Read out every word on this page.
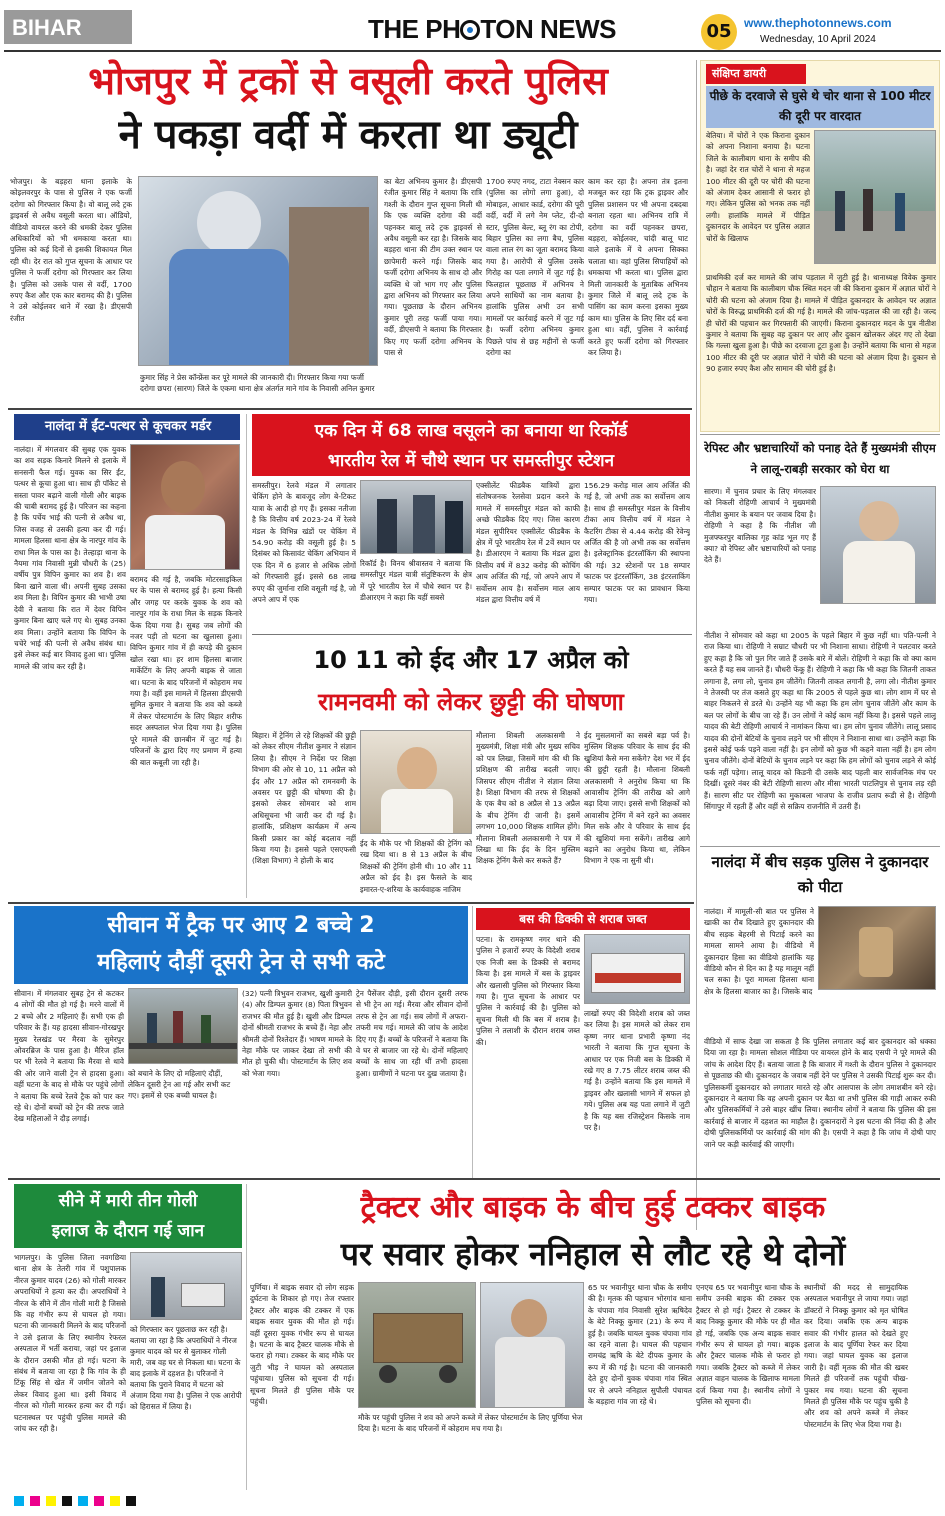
BIHAR	THE PH TON NEWS	05	www.thephotonnews.com
Wednesday, 10 April 2024
भोजपुर में ट्रकों से वसूली करते पुलिस
ने पकड़ा वर्दी में करता था ड्यूटी
भोजपुर। के बड़हरा थाना इलाके के कोइलवरपुर के पास से पुलिस ने एक फर्जी दरोगा को गिरफ्तार किया है। वो बालू लदे ट्रक ड्राइवर्स से अवैध वसूली करता था। ऑडियो, वीडियो वायरल करने की धमकी देकर पुलिस अधिकारियों को भी धमकाया करता था। पुलिस को कई दिनों से इसकी शिकायत मिल रही थी। देर रात को गुप्त सूचना के आधार पर पुलिस ने फर्जी दरोगा को गिरफ्तार कर लिया है। पुलिस को उसके पास से वर्दी, 1700 रुपए कैश और एक कार बरामद की है। पुलिस ने उसे कोईलवर थाने में रखा है। डीएसपी रंजीत
कुमार सिंह ने प्रेस कॉन्फ्रेंस कर पूरे मामले की जानकारी दी। गिरफ्तार किया गया फर्जी दरोगा छपरा (सारण) जिले के एकमा थाना क्षेत्र अंतर्गत माने गांव के निवासी अनिल कुमार
का बेटा अभिनय कुमार है। डीएसपी रंजीत कुमार सिंह ने बताया कि रात्रि गश्ती के दौरान गुप्त सूचना मिली थी कि एक व्यक्ति दरोगा की वर्दी पहनकर बालू लदे ट्रक ड्राइवर्स से अवैध वसूली कर रहा है। जिसके बाद बड़हरा थाना की टीम उक्त स्थान पर छापेमारी करने गई। जिसके बाद फर्जी दरोगा अभिनय के साथ दो और व्यक्ति थे जो भाग गए और पुलिस द्वारा अभिनय को गिरफ्तार कर लिया गया। पूछताछ के दौरान अभिनय कुमार पूरी तरह फर्जी पाया गया। वर्दी, डीएसपी ने बताया कि गिरफ्तार किए गए फर्जी दरोगा अभिनय के पास से
1700 रुपए नगद, टाटा नेक्सन कार (पुलिस का लोगो लगा हुआ), दो मोबाइल, आधार कार्ड, दरोगा की पूरी वर्दी, वर्दी में लगे नेम प्लेट, दी-दो स्टार, पुलिस बेल्ट, ब्लू रंग का टोपी, बिहार पुलिस का लगा बैच, पुलिस वाला लाल रंग का जूता बरामद किया गया है। आरोपी से पुलिस उसके गिरोह का पता लगाने में जुट गई है। फिलहाल पूछताछ में अभिनय ने अपने साथियों का नाम बताया है। हालांकि पुलिस अभी उन सभी मामलों पर कार्रवाई करने में जुट गई है। फर्जी दरोगा अभिनय कुमार पिछले पांच से छह महीनों से फर्जी दरोगा का
काम कर रहा है। अपना तंत्र इतना मजबूत कर रहा कि ट्रक ड्राइवर और पुलिस प्रशासन पर भी अपना दबदबा बनाता रहता था। अभिनय रात्रि में दरोगा का वर्दी पहनकर छपरा, बड़हरा, कोईलवर, चांदी बालू घाट वाले इलाके में ये अपना सिक्का चलाता था। वहां पुलिस सिपाहियों को धमकाया भी करता था। पुलिस द्वारा मिली जानकारी के मुताबिक अभिनय कुमार जिले में बालू लदे ट्रक के पासिंग का काम करना इसका मुख्य काम था। पुलिस के लिए सिर दर्द बना हुआ था। वहीं, पुलिस ने कार्रवाई करते हुए फर्जी दरोगा को गिरफ्तार कर लिया है।
संक्षिप्त डायरी
पीछे के दरवाजे से घुसे थे चोर थाना से 100 मीटर की दूरी पर वारदात
बेतिया। में चोरों ने एक किराना दुकान को अपना निशाना बनाया है। घटना जिले के कालीबाग थाना के समीप की है। जहां देर रात चोरों ने थाना से महज 100 मीटर की दूरी पर चोरी की घटना को अंजाम देकर आसानी से फरार हो गए। लेकिन पुलिस को भनक तक नहीं लगी। हालांकि मामले में पीड़ित दुकानदार के आवेदन पर पुलिस अज्ञात चोरों के खिलाफ
प्राथमिकी दर्ज कर मामले की जांच पड़ताल में जुटी हुई है। थानाध्यक्ष विवेक कुमार चौहान ने बताया कि कालीबाग चौक स्थित मदन जी की किराना दुकान में अज्ञात चोरों ने चोरी की घटना को अंजाम दिया है। मामले में पीड़ित दुकानदार के आवेदन पर अज्ञात चोरों के विरुद्ध प्राथमिकी दर्ज की गई है। मामले की जांच-पड़ताल की जा रही है। जल्द ही चोरों की पहचान कर गिरफ्तारी की जाएगी। किराना दुकानदार मदन के पुत्र नीतीश कुमार ने बताया कि सुबह वह दुकान पर आए और दुकान खोलकर अंदर गए तो देखा कि गल्ला खुला हुआ है। पीछे का दरवाजा टूटा हुआ है। उन्होंने बताया कि थाना से महज 100 मीटर की दूरी पर अज्ञात चोरों ने चोरी की घटना को अंजाम दिया है। दुकान से 90 हजार रुपए कैश और सामान की चोरी हुई है।
रेपिस्ट और भ्रष्टाचारियों को पनाह देते हैं मुख्यमंत्री सीएम ने लालू-राबड़ी सरकार को घेरा था
सारण। में चुनाव प्रचार के लिए मंगलवार को निकली रोहिणी आचार्य ने मुख्यमंत्री नीतीश कुमार के बयान पर जवाब दिया है। रोहिणी ने कहा है कि नीतीश जी मुजफ्फरपुर बालिका गृह कांड भूल गए हैं क्या? वो रेपिस्ट और भ्रष्टाचारियों को पनाह देते हैं।
नीतीश ने सोमवार को कहा था 2005 के पहले बिहार में कुछ नहीं था। पति-पत्नी ने राज किया था। रोहिणी ने सम्राट चौधरी पर भी निशाना साधा। रोहिणी ने पलटवार करते हुए कहा है कि जो पुल गिर जाते हैं उसके बारे में बोलें। रोहिणी ने कहा कि वो क्या काम करते हैं यह सब जानते हैं। चौधरी फेंकू हैं। रोहिणी ने कहा कि भी कहा कि जितनी ताकत लगाना है, लगा लो, चुनाव हम जीतेंगे। जितनी ताकत लगानी है, लगा लो। नीतीश कुमार ने तेजस्वी पर तंज कसते हुए कहा था कि 2005 से पहले कुछ था। लोग शाम में घर से बाहर निकलने से डरते थे। उन्होंने यह भी कहा कि हम लोग चुनाव जीतेंगे और काम के बल पर लोगों के बीच जा रहे हैं। उन लोगों ने कोई काम नहीं किया है। इससे पहले लालू यादव की बेटी रोहिणी आचार्य ने नामांकन किया था। हम लोग चुनाव जीतेंगे। लालू प्रसाद यादव की दोनों बेटियों के चुनाव लड़ने पर भी सीएम ने निशाना साधा था। उन्होंने कहा कि इससे कोई फर्क पड़ने वाला नहीं है। इन लोगों को कुछ भी कहने वाला नहीं है। हम लोग चुनाव जीतेंगे। दोनों बेटियों के चुनाव लड़ने पर कहा कि हम लोगों को चुनाव लड़ने से कोई फर्क नहीं पड़ेगा। लालू यादव को किडनी दी उसके बाद पहली बार सार्वजनिक मंच पर दिखीं। दूसरे नंबर की बेटी रोहिणी सारण और मीसा भारती पाटलिपुत्र से चुनाव लड़ रही हैं। सारण सीट पर रोहिणी का मुकाबला भाजपा के राजीव प्रताप रूडी से है। रोहिणी सिंगापुर में रहती हैं और वहीं से सक्रिय राजनीति में उतरी हैं।
नालंदा में बीच सड़क पुलिस ने दुकानदार को पीटा
नालंदा। में मामूली-सी बात पर पुलिस ने खाकी का रौब दिखाते हुए दुकानदार की बीच सड़क बेहरमी से पिटाई करने का मामला सामने आया है। वीडियो में दुकानदार हिसा का वीडियो हालांकि यह वीडियो कौन से दिन का है यह मालूम नहीं चल सका है। पूरा मामला हिलसा थाना क्षेत्र के हिलसा बाजार का है। जिसके बाद
वीडियो में साफ देखा जा सकता है कि पुलिस लगातार कई बार दुकानदार को धक्का दिया जा रहा है। मामला सोशल मीडिया पर वायरल होने के बाद एसपी ने पूरे मामले की जांच के आदेश दिए हैं। बताया जाता है कि बाजार में गश्ती के दौरान पुलिस ने दुकानदार से पूछताछ की थी। दुकानदार के जवाब नहीं देने पर पुलिस ने उसकी पिटाई शुरू कर दी। पुलिसकर्मी दुकानदार को लगातार मारते रहे और आसपास के लोग तमाशबीन बने रहे। दुकानदार ने बताया कि वह अपनी दुकान पर बैठा था तभी पुलिस की गाड़ी आकर रुकी और पुलिसकर्मियों ने उसे बाहर खींच लिया। स्थानीय लोगों ने बताया कि पुलिस की इस कार्रवाई से बाजार में दहशत का माहौल है। दुकानदारों ने इस घटना की निंदा की है और दोषी पुलिसकर्मियों पर कार्रवाई की मांग की है। एसपी ने कहा है कि जांच में दोषी पाए जाने पर कड़ी कार्रवाई की जाएगी।
नालंदा में ईंट-पत्थर से कूचकर मर्डर
नालंदा। में मंगलवार की सुबह एक युवक का शव सड़क किनारे मिलने से इलाके में सनसनी फैल गई। युवक का सिर ईंट, पत्थर से कूचा हुआ था। साथ ही पॉकेट से सस्ता पावर बढ़ाने वाली गोली और बाइक की चाबी बरामद हुई है। परिजन का कहना है कि पर्चेय भाई की पत्नी से अवैध था, जिस वजह से उसकी हत्या कर दी गई। मामला हिलसा थाना क्षेत्र के नारपुर गांव के राधा मिल के पास का है। तेल्हाड़ा थाना के नैयमा गांव निवासी मुन्नी चौधरी के (25) वर्षीय पुत्र विपिन कुमार का शव है। शव बिना खाने वाला थी। अपनी सुबह उसका शव मिला है। विपिन कुमार की भाभी उषा देवी ने बताया कि रात में देवर विपिन कुमार बिना खाए चले गए थे। सुबह उनका शव मिला। उन्होंने बताया कि विपिन के चचेरे भाई की पत्नी से अवैध संबंध था। इसे लेकर कई बार विवाद हुआ था। पुलिस मामले की जांच कर रही है।
बरामद की गई है, जबकि मोटरसाइकिल घर के पास से बरामद हुई है। हत्या किसी और जगह पर करके युवक के शव को नारपुर गांव के राधा मिल के सड़क किनारे फेंक दिया गया है। सुबह जब लोगों की नजर पड़ी तो घटना का खुलासा हुआ। विपिन कुमार गांव में ही कपड़े की दुकान खोल रखा था। हर शाम हिलसा बाजार मार्केटिंग के लिए अपनी बाइक से जाता था। घटना के बाद परिजनों में कोहराम मच गया है। वहीं इस मामले में हिलसा डीएसपी सुमित कुमार ने बताया कि शव को कब्जे में लेकर पोस्टमार्टम के लिए बिहार शरीफ सदर अस्पताल भेज दिया गया है। पुलिस पूरे मामले की छानबीन में जुट गई है। परिजनों के द्वारा दिए गए प्रमाण में हत्या की बात कबूली जा रही है।
एक दिन में 68 लाख वसूलने का बनाया था रिकॉर्ड
भारतीय रेल में चौथे स्थान पर समस्तीपुर स्टेशन
समस्तीपुर। रेलवे मंडल में लगातार चेकिंग होने के बावजूद लोग बे-टिकट यात्रा के आदी हो गए हैं। इसका नतीजा है कि वित्तीय वर्ष 2023-24 में रेलवे मंडल के विभिन्न खंडों पर चेकिंग में 54.90 करोड़ की वसूली हुई है। 5 दिसंबर को किसावंट चेकिंग अभियान में एक दिन में 6 हजार से अधिक लोगों को गिरफ्तारी हुई। इससे 68 लाख रुपए की जुर्माना राशि वसूली गई है, जो अपने आप में एक
रिकॉर्ड है। विनय श्रीवास्तव ने बताया कि समस्तीपुर मंडल यात्री संतुष्टिकरण के क्षेत्र में पूरे भारतीय रेल में चौथे स्थान पर है। डीआरएम ने कहा कि यहीं सबसे
एक्सीलेंट फीडबैक यात्रियों द्वारा संतोषजनक रेलसेवा प्रदान करने के मामले में समस्तीपुर मंडल को काफी अच्छे फीडबैक दिए गए। जिस कारण मंडल सुपीरियर एक्सीलेंट फीडबैक के क्षेत्र में पूरे भारतीय रेल में 2वें स्थान पर है। डीआरएम ने बताया कि मंडल द्वारा वित्तीय वर्ष में 832 करोड़ की कोचिंग आय अर्जित की गई, जो अपने आप में सर्वोत्तम आय है। सर्वोत्तम माल आय मंडल द्वारा वित्तीय वर्ष में
156.29 करोड़ माल आय अर्जित की गई है, जो अभी तक का सर्वोत्तम आय है। साथ ही समस्तीपुर मंडल के वित्तीय टीका आय वित्तीय वर्ष में मंडल ने कैटरिंग टीका से 4.44 करोड़ की रेवेन्यू अर्जित की है जो अभी तक का सर्वोत्तम है। इलेक्ट्रानिक इंटरलॉकिंग की स्थापना की गई। 32 स्टेशनों पर 18 सम्पार फाटक पर इंटरलॉकिंग, 38 इंटरलाकिंग सम्पार फाटक पर का प्रावधान किया गया।
10 11 को ईद और 17 अप्रैल को
रामनवमी को लेकर छुट्टी की घोषणा
बिहार। में ट्रेनिंग ले रहे शिक्षकों की छुट्टी को लेकर सीएम नीतीश कुमार ने संज्ञान लिया है। सीएम ने निर्देश पर शिक्षा विभाग की ओर से 10, 11 अप्रैल को ईद और 17 अप्रैल को रामनवमी के अवसर पर छुट्टी की घोषणा की है। इसको लेकर सोमवार को शाम अधिसूचना भी जारी कर दी गई है। हालांकि, प्रशिक्षण कार्यक्रम में अन्य किसी प्रकार का कोई बदलाव नहीं किया गया है। इससे पहले एसएफसी (शिक्षा विभाग) ने होली के बाद
ईद के मौके पर भी शिक्षकों की ट्रेनिंग को रख दिया था। 8 से 13 अप्रैल के बीच शिक्षकों की ट्रेनिंग होनी थी। 10 और 11 अप्रैल को ईद है। इस फैसले के बाद इमारत-ए-शरिया के कार्यवाहक नाजिम
मौलाना शिबली अलकासमी ने मुख्यमंत्री, शिक्षा मंत्री और मुख्य सचिव को पत्र लिखा, जिसमें मांग की थी कि प्रशिक्षण की तारीख बदली जाए। जिसपर सीएम नीतीश ने संज्ञान लिया है। शिक्षा विभाग की तरफ से शिक्षकों के एक बैच को 8 अप्रैल से 13 अप्रैल के बीच ट्रेनिंग दी जानी है। इसमें लगभग 10,000 शिक्षक शामिल होंगे। मौलाना शिबली अलकासमी ने पत्र में लिखा था कि ईद के दिन मुस्लिम शिक्षक ट्रेनिंग कैसे कर सकते हैं?
ईद मुसलमानों का सबसे बड़ा पर्व है। मुस्लिम शिक्षक परिवार के साथ ईद की खुशियां कैसे मना सकेंगे? देश भर में ईद की छुट्टी रहती है। मौलाना शिबली अलकासमी ने अनुरोध किया था कि आवासीय ट्रेनिंग की तारीख को आगे बढ़ा दिया जाए। इससे सभी शिक्षकों को आवासीय ट्रेनिंग में बने रहने का अवसर मिल सके और वे परिवार के साथ ईद की खुशियां मना सकेंगे। तारीख आगे बढ़ाने का अनुरोध किया था, लेकिन विभाग ने एक ना सुनी थी।
सीवान में ट्रैक पर आए 2 बच्चे 2
महिलाएं दौड़ीं दूसरी ट्रेन से सभी कटे
सीवान। में मंगलवार सुबह ट्रेन से कटकर 4 लोगों की मौत हो गई है। मरने वालों में 2 बच्चे और 2 महिलाएं हैं। सभी एक ही परिवार के हैं। यह हादसा सीवान-गोरखपुर मुख्य रेलखंड पर मैरवा के सुमेरपुर ओवरब्रिज के पास हुआ है। मैरिज हॉल पर भी रेलवे ने बताया कि मैरवा से थावे की ओर जाने वाली ट्रेन से हादसा हुआ। वहीं घटना के बाद से मौके पर पहुंचे लोगों ने बताया कि बच्चे रेलवे ट्रैक को पार कर रहे थे। दोनों बच्चों को ट्रेन की तरफ जाते देख महिलाओं ने दौड़ लगाई।
को बचाने के लिए दो महिलाएं दौड़ीं, लेकिन दूसरी ट्रेन आ गई और सभी कट गए। इसमें से एक बच्ची घायल है।
(32) पत्नी त्रिभुवन राजभर, खुशी कुमारी (4) और डिम्पल कुमार (8) पिता त्रिभुवन राजभर की मौत हुई है। खुशी और डिम्पल दोनों श्रीमती राजभर के बच्चे हैं। नेहा और श्रीमती दोनों रिश्तेदार हैं। भाषण मामले के नेहा मौके पर जाकर देखा तो सभी की मौत हो चुकी थी। पोस्टमार्टम के लिए शव को भेजा गया।
ट्रेन पैसेंजर दौड़ी, इसी दौरान दूसरी तरफ से भी ट्रेन आ गई। मैरवा और सीवान दोनों तरफ से ट्रेन आ गई। सब लोगों में अफरा-तफरी मच गई। मामले की जांच के आदेश दिए गए हैं। बच्चों के परिजनों ने बताया कि वे घर से बाजार जा रहे थे। दोनों महिलाएं बच्चों के साथ जा रही थीं तभी हादसा हुआ। ग्रामीणों ने घटना पर दुख जताया है।
बस की डिक्की से शराब जब्त
पटना। के रामकृष्ण नगर थाने की पुलिस ने हजारों रुपए के विदेशी शराब एक निजी बस के डिक्की से बरामद किया है। इस मामले में बस के ड्राइवर और खलासी पुलिस को गिरफ्तार किया गया है। गुप्त सूचना के आधार पर पुलिस ने कार्रवाई की है। पुलिस को सूचना मिली थी कि बस में शराब है। पुलिस ने तलाशी के दौरान शराब जब्त की।
लाखों रुपए की विदेशी शराब को जब्त कर लिया है। इस मामले को लेकर राम कृष्ण नगर थाना प्रभारी कृष्णा नंद भारती ने बताया कि गुप्त सूचना के आधार पर एक निजी बस के डिक्की में रखे गए 8 7.75 लीटर शराब जब्त की गई है। उन्होंने बताया कि इस मामले में ड्राइवर और खलासी भागने में सफल हो गये। पुलिस अब यह पता लगाने में जुटी है कि यह बस रजिस्ट्रेशन किसके नाम पर है।
सीने में मारी तीन गोली
इलाज के दौरान गई जान
भागलपुर। के पुलिस जिला नवगछिया थाना क्षेत्र के तेतरी गांव में पशुपालक नीरज कुमार यादव (26) को गोली मारकर अपराधियों ने हत्या कर दी। अपराधियों ने नीरज के सीने में तीन गोली मारी है जिससे कि वह गंभीर रूप से घायल हो गया। घटना की जानकारी मिलने के बाद परिजनों ने उसे इलाज के लिए स्थानीय रेफरल अस्पताल में भर्ती कराया, जहां पर इलाज के दौरान उसकी मौत हो गई। घटना के संबंध में बताया जा रहा है कि गांव के ही टिंकू सिंह से खेत में जमीन जोतने को लेकर विवाद हुआ था। इसी विवाद में नीरज को गोली मारकर हत्या कर दी गई। घटनास्थल पर पहुंची पुलिस मामले की जांच कर रही है।
को गिरफ्तार कर पूछताछ कर रही है। बताया जा रहा है कि अपराधियों ने नीरज कुमार यादव को घर से बुलाकर गोली मारी, जब वह घर से निकला था। घटना के बाद इलाके में दहशत है। परिजनों ने बताया कि पुराने विवाद में घटना को अंजाम दिया गया है। पुलिस ने एक आरोपी को हिरासत में लिया है।
ट्रैक्टर और बाइक के बीच हुई टक्कर बाइक
पर सवार होकर ननिहाल से लौट रहे थे दोनों
पूर्णिया। में बाइक सवार दो लोग सड़क दुर्घटना के शिकार हो गए। तेज रफ्तार ट्रैक्टर और बाइक की टक्कर में एक बाइक सवार युवक की मौत हो गई। वहीं दूसरा युवक गंभीर रूप से घायल है। घटना के बाद ट्रैक्टर चालक मौके से फरार हो गया। टक्कर के बाद मौके पर जुटी भीड़ ने घायल को अस्पताल पहुंचाया। पुलिस को सूचना दी गई। सूचना मिलते ही पुलिस मौके पर पहुंची।
मौके पर पहुंची पुलिस ने शव को अपने कब्जे में लेकर पोस्टमार्टम के लिए पूर्णिया भेज दिया है। घटना के बाद परिजनों में कोहराम मच गया है।
65 पर भवानीपुर थाना चौक के समीप की है। मृतक की पहचान भोरगांव थाना के चंपावा गांव निवासी सुरेश ऋषिदेव के बेटे निक्कू कुमार (21) के रूप में हुई है। जबकि घायल युवक चंपावा गांव का रहने वाला है। घायल की पहचान रामचंद्र ऋषि के बेटे दीपक कुमार के रूप में की गई है। घटना की जानकारी देते हुए दोनों युवक चंपावा गांव स्थित घर से अपने ननिहाल सुपौली पंचायत के बड़हारा गांव जा रहे थे।
एनएच 65 पर भवानीपुर थाना चौक के समीप उनकी बाइक की टक्कर एक ट्रैक्टर से हो गई। ट्रैक्टर से टक्कर के बाद निक्कू कुमार की मौके पर ही मौत हो गई, जबकि एक अन्य बाइक सवार गंभीर रूप से घायल हो गया। बाइक और ट्रैक्टर चालक मौके से फरार हो गया। जबकि ट्रैक्टर को कब्जे में लेकर अज्ञात वाहन चालक के खिलाफ मामला दर्ज किया गया है। स्थानीय लोगों ने पुलिस को सूचना दी।
स्थानीयों की मदद से सामुदायिक अस्पताल भवानीपुर ले जाया गया। जहां डॉक्टरों ने निक्कू कुमार को मृत घोषित कर दिया। जबकि एक अन्य बाइक सवार की गंभीर हालत को देखते हुए इलाज के बाद पूर्णिया रेफर कर दिया गया। जहां घायल युवक का इलाज जारी है। वहीं मृतक की मौत की खबर मिलते ही परिजनों तक पहुंची चीख-पुकार मच गया। घटना की सूचना मिलते ही पुलिस मौके पर पहुंच चुकी है और शव को अपने कब्जे में लेकर पोस्टमार्टम के लिए भेज दिया गया है।
